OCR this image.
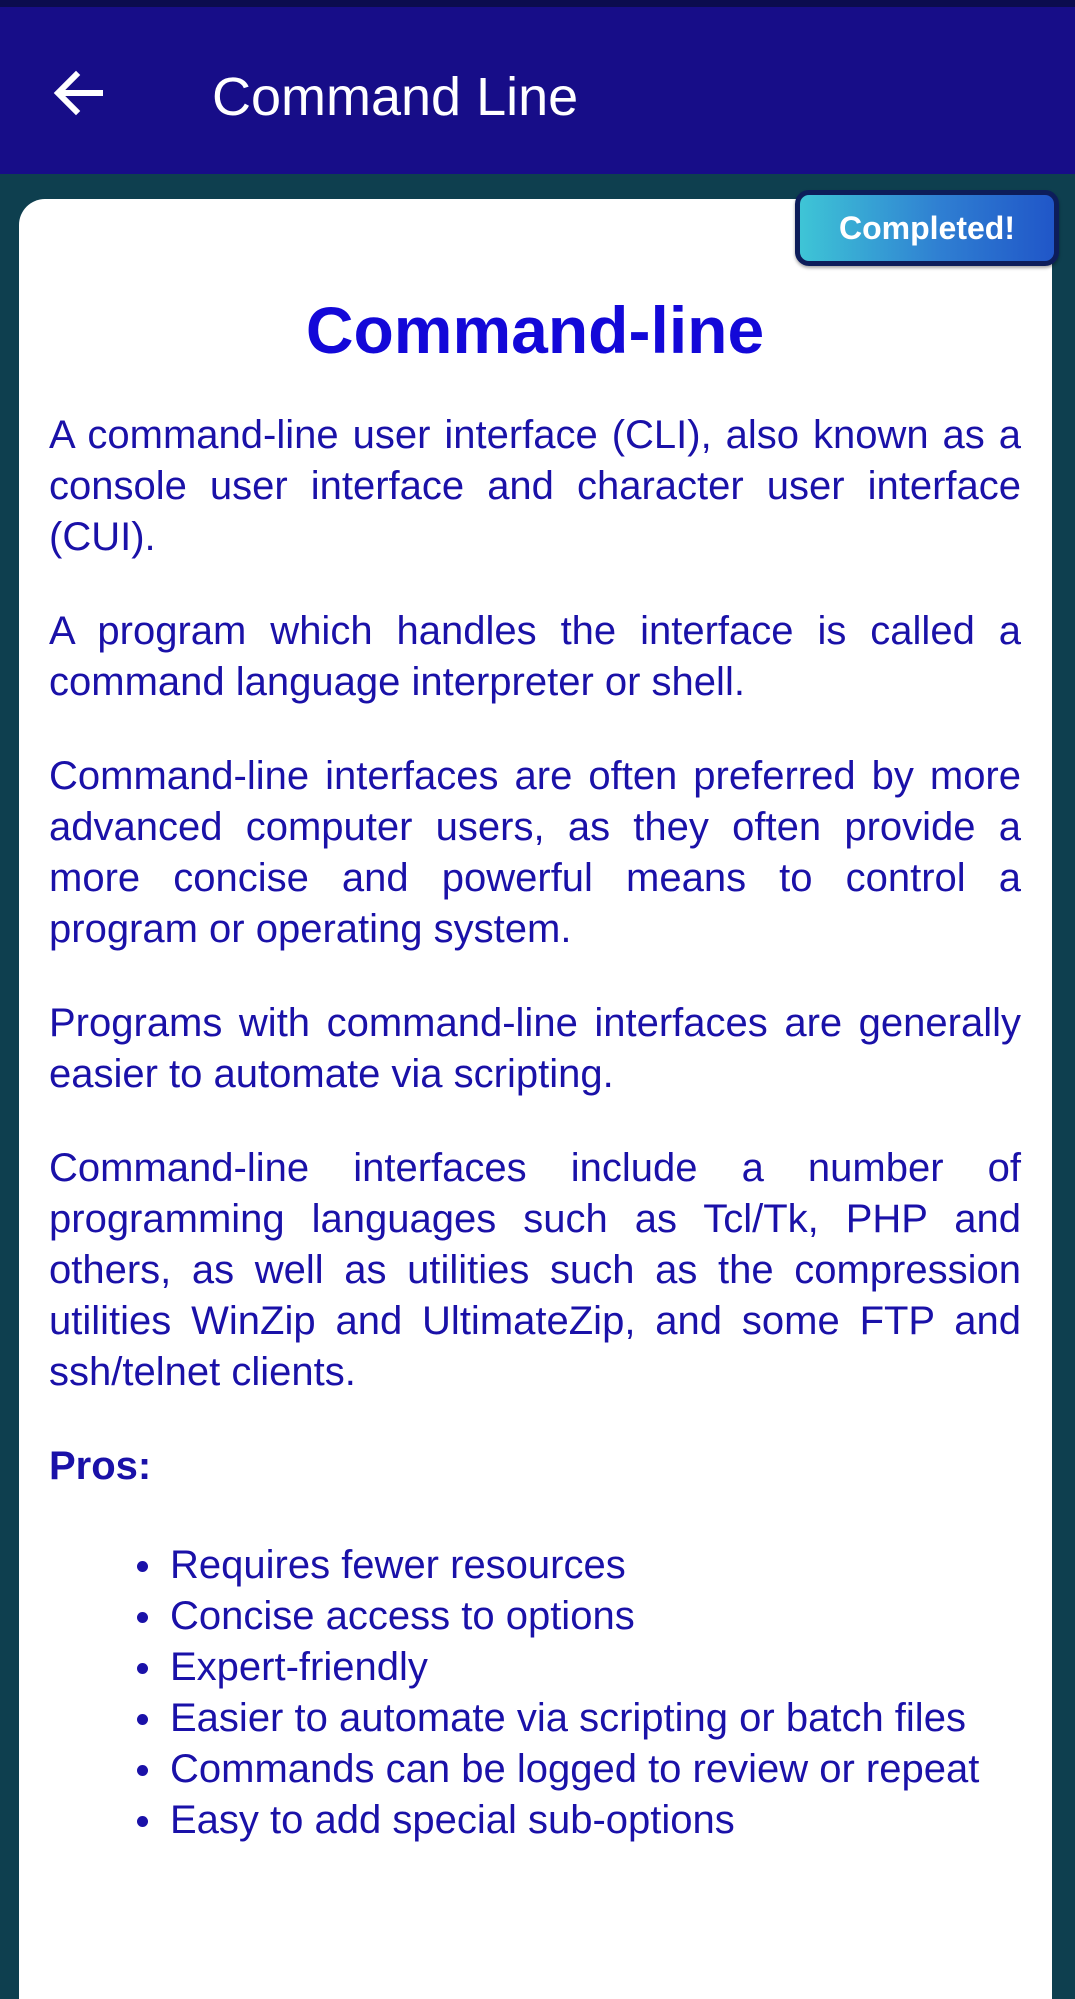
Command Line
Completed!
Command-line

A command-line user interface (CLI), also known as a console user interface and character user interface (CUI).

A program which handles the interface is called a command language interpreter or shell.

Command-line interfaces are often preferred by more advanced computer users, as they often provide a more concise and powerful means to control a program or operating system.

Programs with command-line interfaces are generally easier to automate via scripting.

Command-line interfaces include a number of programming languages such as Tcl/Tk, PHP and others, as well as utilities such as the compression utilities WinZip and UltimateZip, and some FTP and ssh/telnet clients.

Pros:
Requires fewer resources
Concise access to options
Expert-friendly
Easier to automate via scripting or batch files
Commands can be logged to review or repeat
Easy to add special sub-options
